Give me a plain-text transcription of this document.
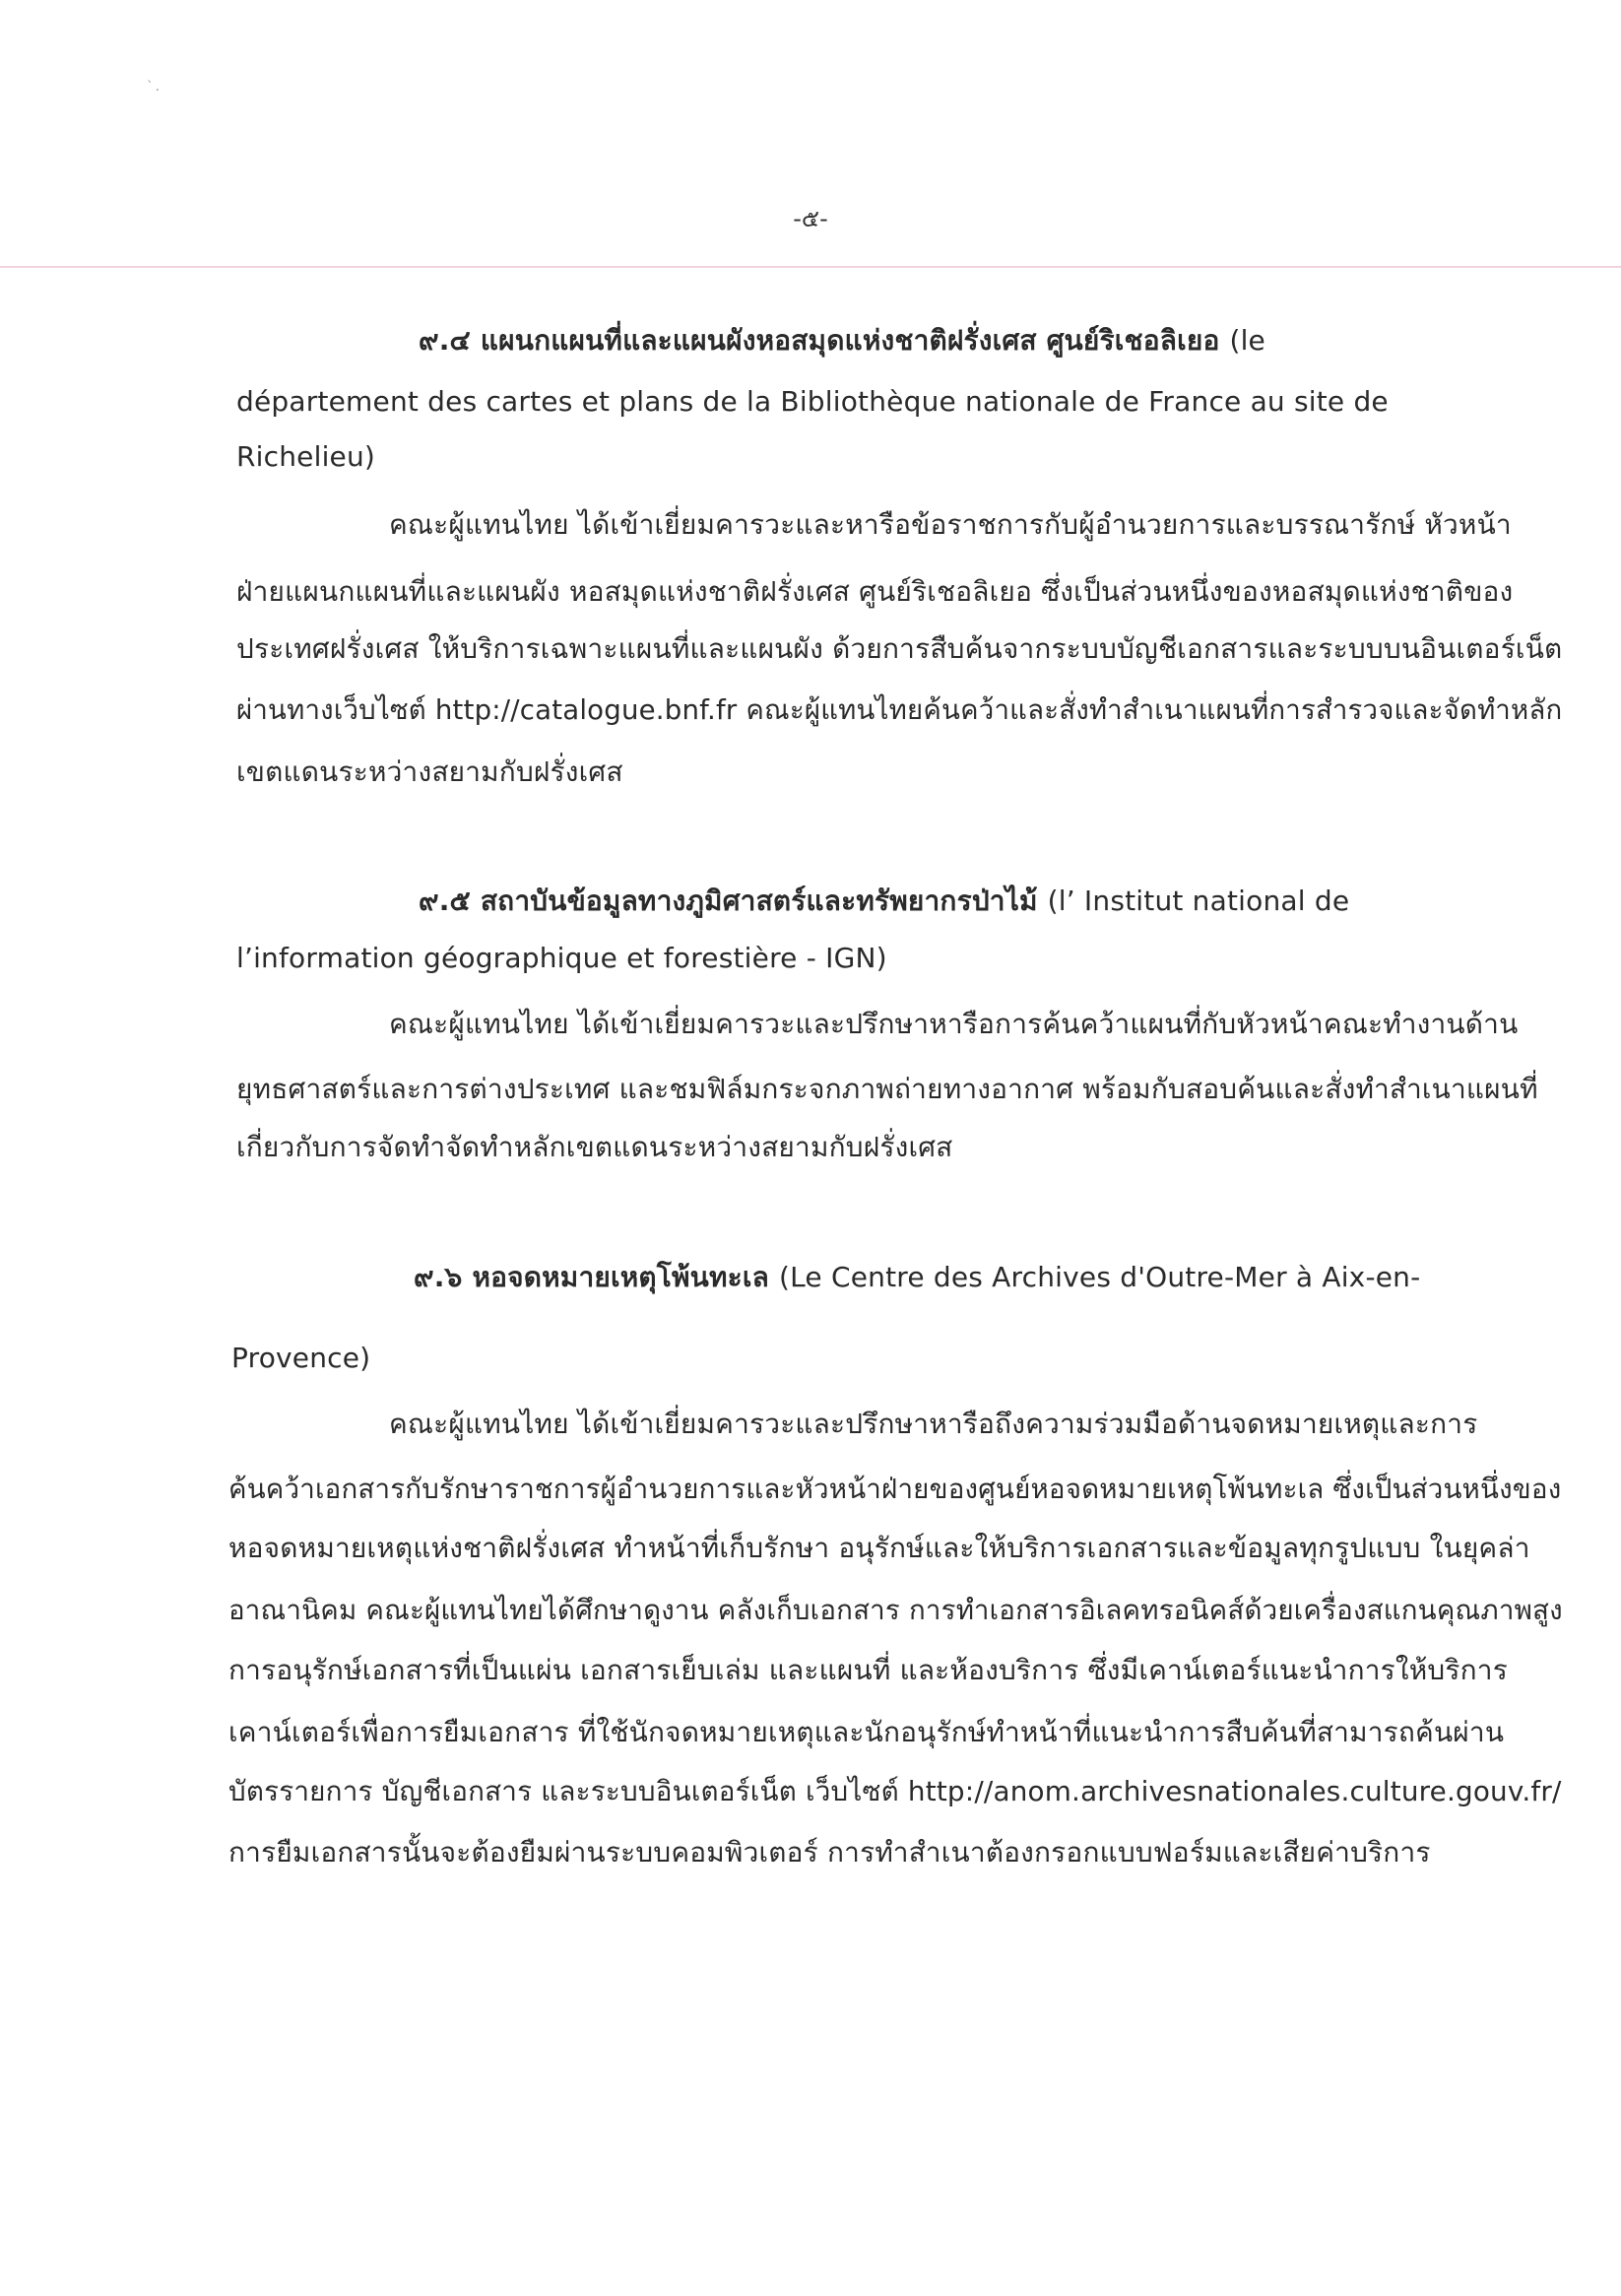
‵ .
-๕-
๙.๔ แผนกแผนที่และแผนผังหอสมุดแห่งชาติฝรั่งเศส ศูนย์ริเชอลิเยอ (le
département des cartes et plans de la Bibliothèque nationale de France au site de
Richelieu)
คณะผู้แทนไทย ได้เข้าเยี่ยมคารวะและหารือข้อราชการกับผู้อำนวยการและบรรณารักษ์ หัวหน้า
ฝ่ายแผนกแผนที่และแผนผัง หอสมุดแห่งชาติฝรั่งเศส ศูนย์ริเชอลิเยอ ซึ่งเป็นส่วนหนึ่งของหอสมุดแห่งชาติของ
ประเทศฝรั่งเศส ให้บริการเฉพาะแผนที่และแผนผัง ด้วยการสืบค้นจากระบบบัญชีเอกสารและระบบบนอินเตอร์เน็ต
ผ่านทางเว็บไซต์ http://catalogue.bnf.fr คณะผู้แทนไทยค้นคว้าและสั่งทำสำเนาแผนที่การสำรวจและจัดทำหลัก
เขตแดนระหว่างสยามกับฝรั่งเศส
๙.๕ สถาบันข้อมูลทางภูมิศาสตร์และทรัพยากรป่าไม้ (l’ Institut national de
l’information géographique et forestière - IGN)
คณะผู้แทนไทย ได้เข้าเยี่ยมคารวะและปรึกษาหารือการค้นคว้าแผนที่กับหัวหน้าคณะทำงานด้าน
ยุทธศาสตร์และการต่างประเทศ และชมฟิล์มกระจกภาพถ่ายทางอากาศ พร้อมกับสอบค้นและสั่งทำสำเนาแผนที่
เกี่ยวกับการจัดทำจัดทำหลักเขตแดนระหว่างสยามกับฝรั่งเศส
๙.๖ หอจดหมายเหตุโพ้นทะเล (Le Centre des Archives d'Outre-Mer à Aix-en-
Provence)
คณะผู้แทนไทย ได้เข้าเยี่ยมคารวะและปรึกษาหารือถึงความร่วมมือด้านจดหมายเหตุและการ
ค้นคว้าเอกสารกับรักษาราชการผู้อำนวยการและหัวหน้าฝ่ายของศูนย์หอจดหมายเหตุโพ้นทะเล ซึ่งเป็นส่วนหนึ่งของ
หอจดหมายเหตุแห่งชาติฝรั่งเศส ทำหน้าที่เก็บรักษา อนุรักษ์และให้บริการเอกสารและข้อมูลทุกรูปแบบ ในยุคล่า
อาณานิคม คณะผู้แทนไทยได้ศึกษาดูงาน คลังเก็บเอกสาร การทำเอกสารอิเลคทรอนิคส์ด้วยเครื่องสแกนคุณภาพสูง
การอนุรักษ์เอกสารที่เป็นแผ่น เอกสารเย็บเล่ม และแผนที่ และห้องบริการ ซึ่งมีเคาน์เตอร์แนะนำการให้บริการ
เคาน์เตอร์เพื่อการยืมเอกสาร ที่ใช้นักจดหมายเหตุและนักอนุรักษ์ทำหน้าที่แนะนำการสืบค้นที่สามารถค้นผ่าน
บัตรรายการ บัญชีเอกสาร และระบบอินเตอร์เน็ต เว็บไซต์ http://anom.archivesnationales.culture.gouv.fr/
การยืมเอกสารนั้นจะต้องยืมผ่านระบบคอมพิวเตอร์ การทำสำเนาต้องกรอกแบบฟอร์มและเสียค่าบริการ
